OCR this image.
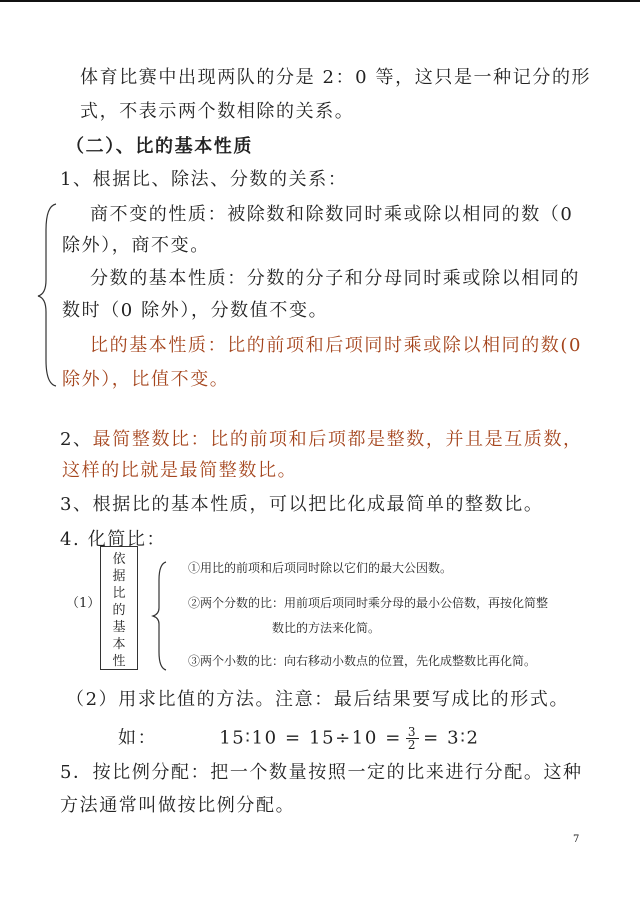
体育比赛中出现两队的分是 2：0 等，这只是一种记分的形
式，不表示两个数相除的关系。
（二）、比的基本性质
1、根据比、除法、分数的关系：
商不变的性质：被除数和除数同时乘或除以相同的数（0
除外），商不变。
分数的基本性质：分数的分子和分母同时乘或除以相同的
数时（0 除外），分数值不变。
比的基本性质：比的前项和后项同时乘或除以相同的数(0
除外），比值不变。
2、最简整数比：比的前项和后项都是整数，并且是互质数，
这样的比就是最简整数比。
3、根据比的基本性质，可以把比化成最简单的整数比。
4. 化简比：
（1）
依
据
比
的
基
本
性
①用比的前项和后项同时除以它们的最大公因数。
②两个分数的比：用前项后项同时乘分母的最小公倍数，再按化简整
数比的方法来化简。
③两个小数的比：向右移动小数点的位置，先化成整数比再化简。
（2）用求比值的方法。注意：最后结果要写成比的形式。
如：	15∶10 = $15\div 10 = \frac{3}{2}$ = 3∶2
5．按比例分配：把一个数量按照一定的比来进行分配。这种
方法通常叫做按比例分配。
7
